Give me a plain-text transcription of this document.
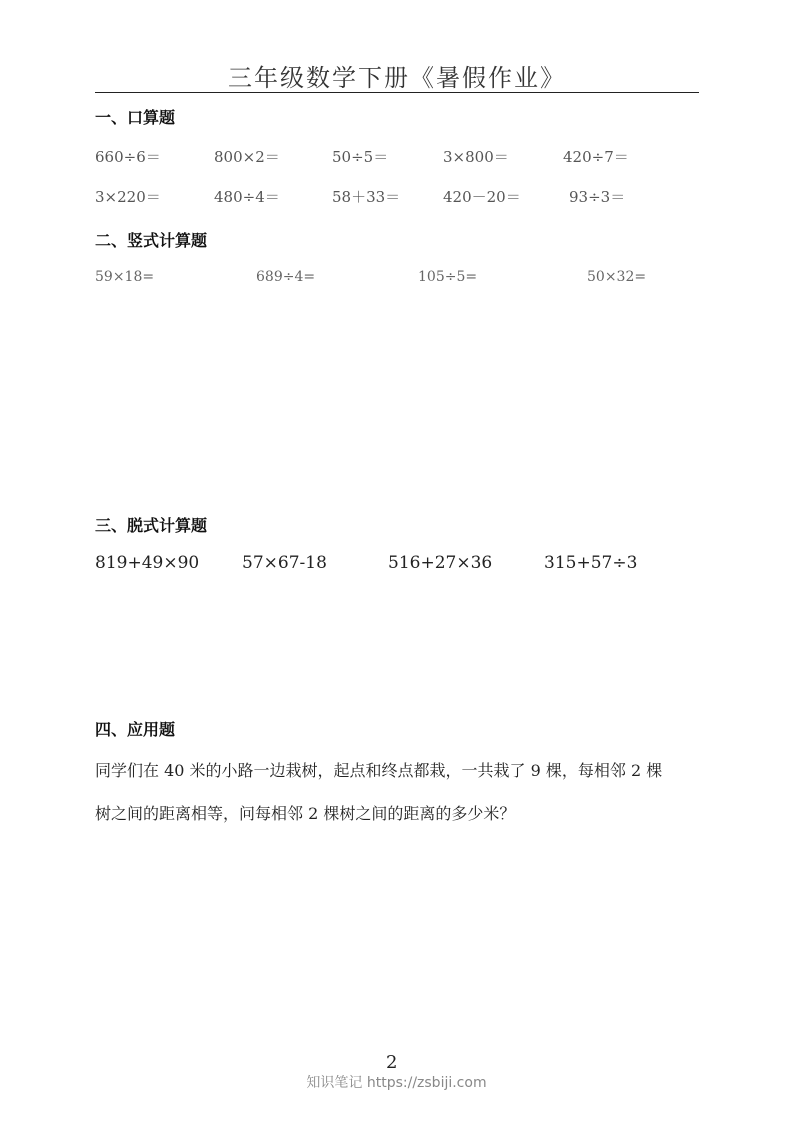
三年级数学下册《暑假作业》
一、口算题
660÷6＝	800×2＝	50÷5＝	3×800＝	420÷7＝
3×220＝	480÷4＝	58＋33＝	420－20＝	93÷3＝
二、竖式计算题
59×18=	689÷4=	105÷5=	50×32=
三、脱式计算题
819+49×90	57×67-18	516+27×36	315+57÷3
四、应用题
同学们在 40 米的小路一边栽树，起点和终点都栽，一共栽了 9 棵，每相邻 2 棵
树之间的距离相等，问每相邻 2 棵树之间的距离的多少米？
2
知识笔记 https://zsbiji.com
